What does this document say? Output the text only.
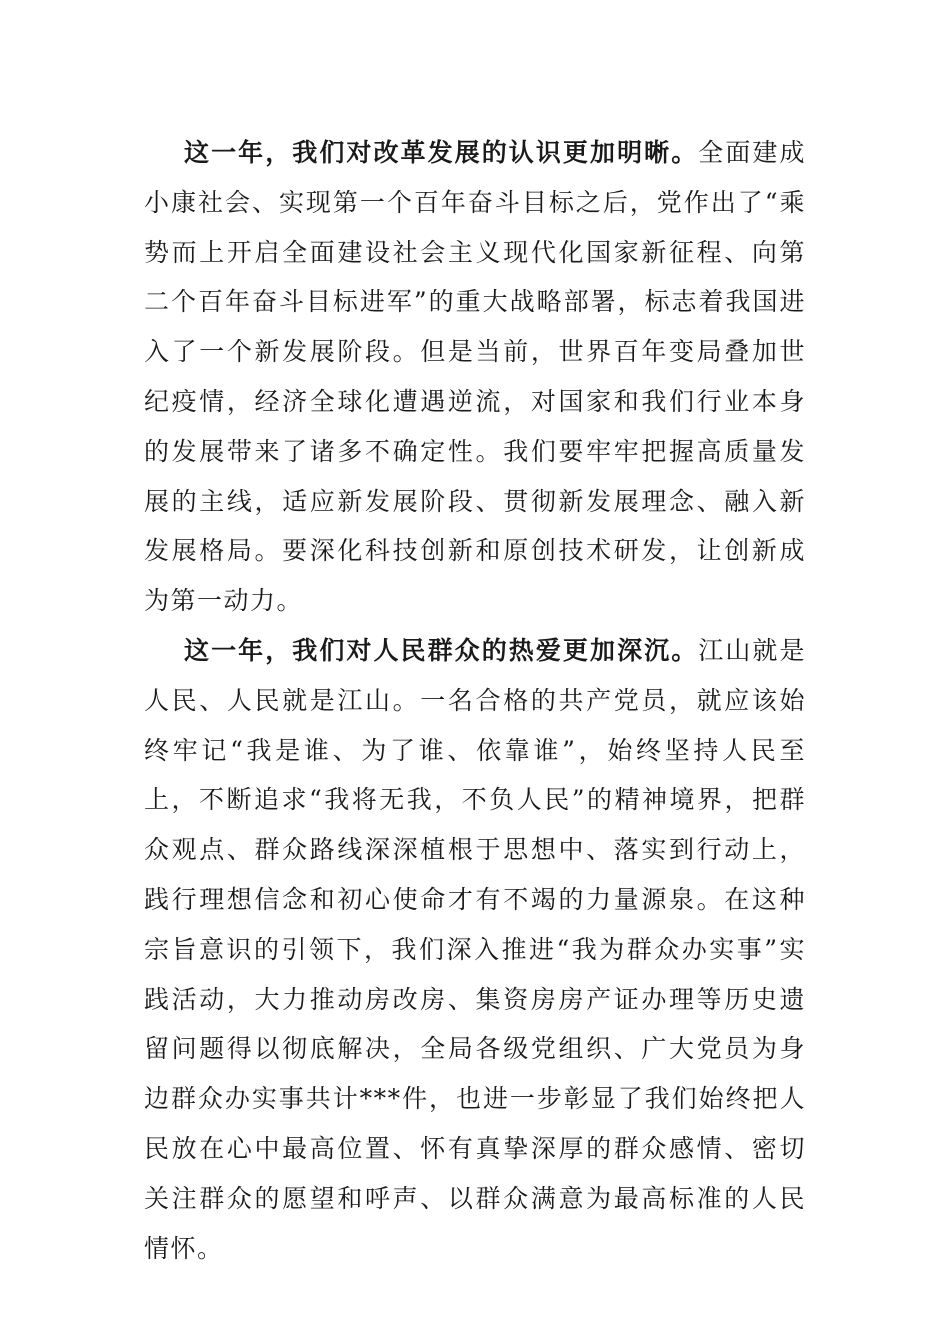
这一年，我们对改革发展的认识更加明晰。全面建成小康社会、实现第一个百年奋斗目标之后，党作出了“乘势而上开启全面建设社会主义现代化国家新征程、向第二个百年奋斗目标进军”的重大战略部署，标志着我国进入了一个新发展阶段。但是当前，世界百年变局叠加世纪疫情，经济全球化遭遇逆流，对国家和我们行业本身的发展带来了诸多不确定性。我们要牢牢把握高质量发展的主线，适应新发展阶段、贯彻新发展理念、融入新发展格局。要深化科技创新和原创技术研发，让创新成为第一动力。

这一年，我们对人民群众的热爱更加深沉。江山就是人民、人民就是江山。一名合格的共产党员，就应该始终牢记“我是谁、为了谁、依靠谁”，始终坚持人民至上，不断追求“我将无我，不负人民”的精神境界，把群众观点、群众路线深深植根于思想中、落实到行动上，践行理想信念和初心使命才有不竭的力量源泉。在这种宗旨意识的引领下，我们深入推进“我为群众办实事”实践活动，大力推动房改房、集资房房产证办理等历史遗留问题得以彻底解决，全局各级党组织、广大党员为身边群众办实事共计***件，也进一步彰显了我们始终把人民放在心中最高位置、怀有真挚深厚的群众感情、密切关注群众的愿望和呼声、以群众满意为最高标准的人民情怀。
